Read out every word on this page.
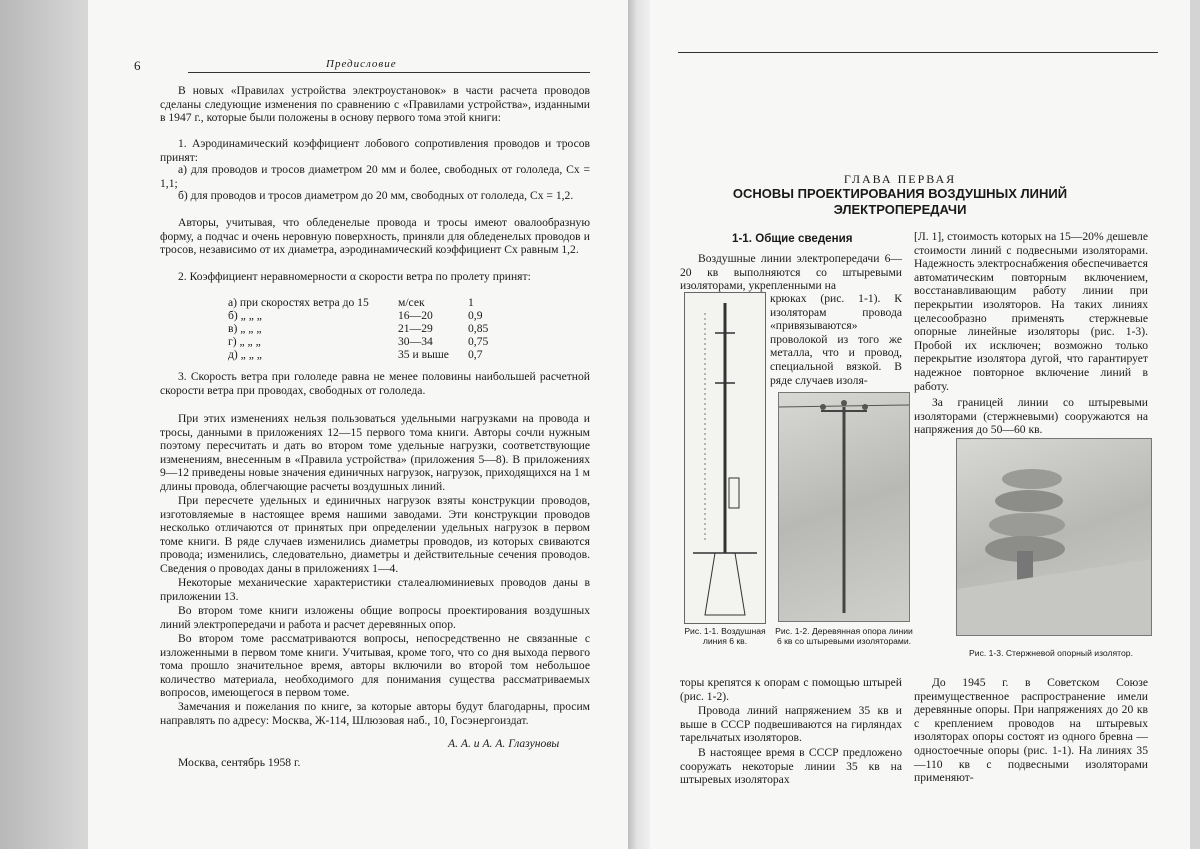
6	Предисловие
В новых «Правилах устройства электроустановок» в части расчета проводов сделаны следующие изменения по сравнению с «Правилами устройства», изданными в 1947 г., которые были положены в основу первого тома этой книги:
1. Аэродинамический коэффициент лобового сопротивления проводов и тросов принят:
а) для проводов и тросов диаметром 20 мм и более, свободных от гололеда, Cx = 1,1;
б) для проводов и тросов диаметром до 20 мм, свободных от гололеда, Cx = 1,2.
Авторы, учитывая, что обледенелые провода и тросы имеют овалообразную форму, а подчас и очень неровную поверхность, приняли для обледенелых проводов и тросов, независимо от их диаметра, аэродинамический коэффициент Cx равным 1,2.
2. Коэффициент неравномерности α скорости ветра по пролету принят:
а) при скоростях ветра до 15	м/сек	1
б) „ „ „	16—20	0,9
в) „ „ „	21—29	0,85
г) „ „ „	30—34	0,75
д) „ „ „	35 и выше	0,7
3. Скорость ветра при гололеде равна не менее половины наибольшей расчетной скорости ветра при проводах, свободных от гололеда.
При этих изменениях нельзя пользоваться удельными нагрузками на провода и тросы, данными в приложениях 12—15 первого тома книги. Авторы сочли нужным поэтому пересчитать и дать во втором томе удельные нагрузки, соответствующие изменениям, внесенным в «Правила устройства» (приложения 5—8). В приложениях 9—12 приведены новые значения единичных нагрузок, нагрузок, приходящихся на 1 м длины провода, облегчающие расчеты воздушных линий.
При пересчете удельных и единичных нагрузок взяты конструкции проводов, изготовляемые в настоящее время нашими заводами. Эти конструкции проводов несколько отличаются от принятых при определении удельных нагрузок в первом томе книги. В ряде случаев изменились диаметры проводов, из которых свиваются провода; изменились, следовательно, диаметры и действительные сечения проводов. Сведения о проводах даны в приложениях 1—4.
Некоторые механические характеристики сталеалюминиевых проводов даны в приложении 13.
Во втором томе книги изложены общие вопросы проектирования воздушных линий электропередачи и работа и расчет деревянных опор.
Во втором томе рассматриваются вопросы, непосредственно не связанные с изложенными в первом томе книги. Учитывая, кроме того, что со дня выхода первого тома прошло значительное время, авторы включили во второй том небольшое количество материала, необходимого для понимания существа рассматриваемых вопросов, имеющегося в первом томе.
Замечания и пожелания по книге, за которые авторы будут благодарны, просим направлять по адресу: Москва, Ж-114, Шлюзовая наб., 10, Госэнергоиздат.
А. А. и А. А. Глазуновы
Москва, сентябрь 1958 г.
ГЛАВА ПЕРВАЯ
ОСНОВЫ ПРОЕКТИРОВАНИЯ ВОЗДУШНЫХ ЛИНИЙ ЭЛЕКТРОПЕРЕДАЧИ
1-1. Общие сведения
Воздушные линии электропередачи 6—20 кв выполняются со штыревыми изоляторами, укрепленными на
крюках (рис. 1-1). К изоляторам провода «привязываются» проволокой из того же металла, что и провод, специальной вязкой. В ряде случаев изоля-
[Л. 1], стоимость которых на 15—20% дешевле стоимости линий с подвесными изоляторами. Надежность электроснабжения обеспечивается автоматическим повторным включением, восстанавливающим работу линии при перекрытии изоляторов. На таких линиях целесообразно применять стержневые опорные линейные изоляторы (рис. 1-3). Пробой их исключен; возможно только перекрытие изолятора дугой, что гарантирует надежное повторное включение линий в работу.
За границей линии со штыревыми изоляторами (стержневыми) сооружаются на напряжения до 50—60 кв.
Рис. 1-1. Воздушная линия 6 кв.
Рис. 1-2. Деревянная опора линии 6 кв со штыревыми изоляторами.
Рис. 1-3. Стержневой опорный изолятор.
торы крепятся к опорам с помощью штырей (рис. 1-2).
Провода линий напряжением 35 кв и выше в СССР подвешиваются на гирляндах тарельчатых изоляторов.
В настоящее время в СССР предложено сооружать некоторые линии 35 кв на штыревых изоляторах
До 1945 г. в Советском Союзе преимущественное распространение имели деревянные опоры. При напряжениях до 20 кв с креплением проводов на штыревых изоляторах опоры состоят из одного бревна — одностоечные опоры (рис. 1-1). На линиях 35—110 кв с подвесными изоляторами применяют-
